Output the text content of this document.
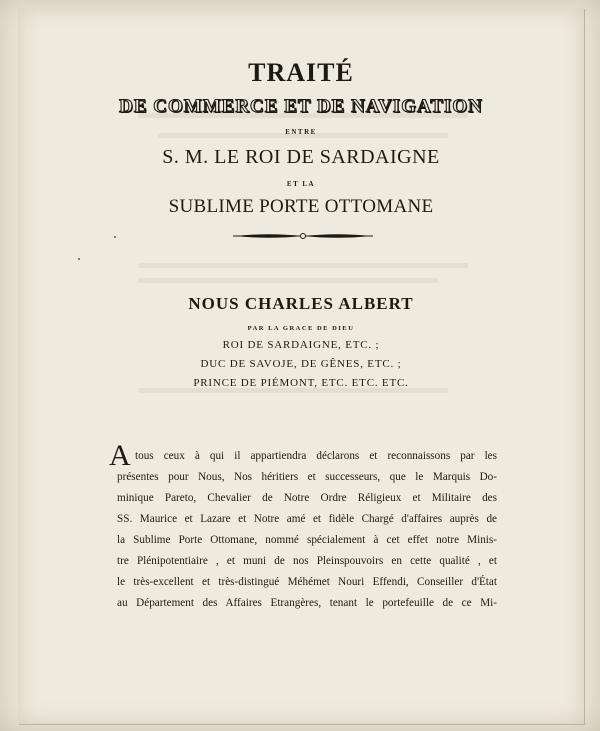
TRAITÉ
DE COMMERCE ET DE NAVIGATION
ENTRE
S. M. LE ROI DE SARDAIGNE
ET LA
SUBLIME PORTE OTTOMANE
NOUS CHARLES ALBERT
PAR LA GRACE DE DIEU
ROI DE SARDAIGNE, ETC. ;
DUC DE SAVOJE, DE GÊNES, ETC. ;
PRINCE DE PIÉMONT, ETC. ETC. ETC.
A tous ceux à qui il appartiendra déclarons et reconnaissons par les
présentes pour Nous, Nos héritiers et successeurs, que le Marquis Do-
minique Pareto, Chevalier de Notre Ordre Réligieux et Militaire des
SS. Maurice et Lazare et Notre amé et fidèle Chargé d'affaires auprès de
la Sublime Porte Ottomane, nommé spécialement à cet effet notre Minis-
tre Plénipotentiaire , et muni de nos Pleinspouvoirs en cette qualité , et
le très-excellent et très-distingué Méhémet Nouri Effendi, Conseiller d'État
au Département des Affaires Etrangères, tenant le portefeuille de ce Mi-
